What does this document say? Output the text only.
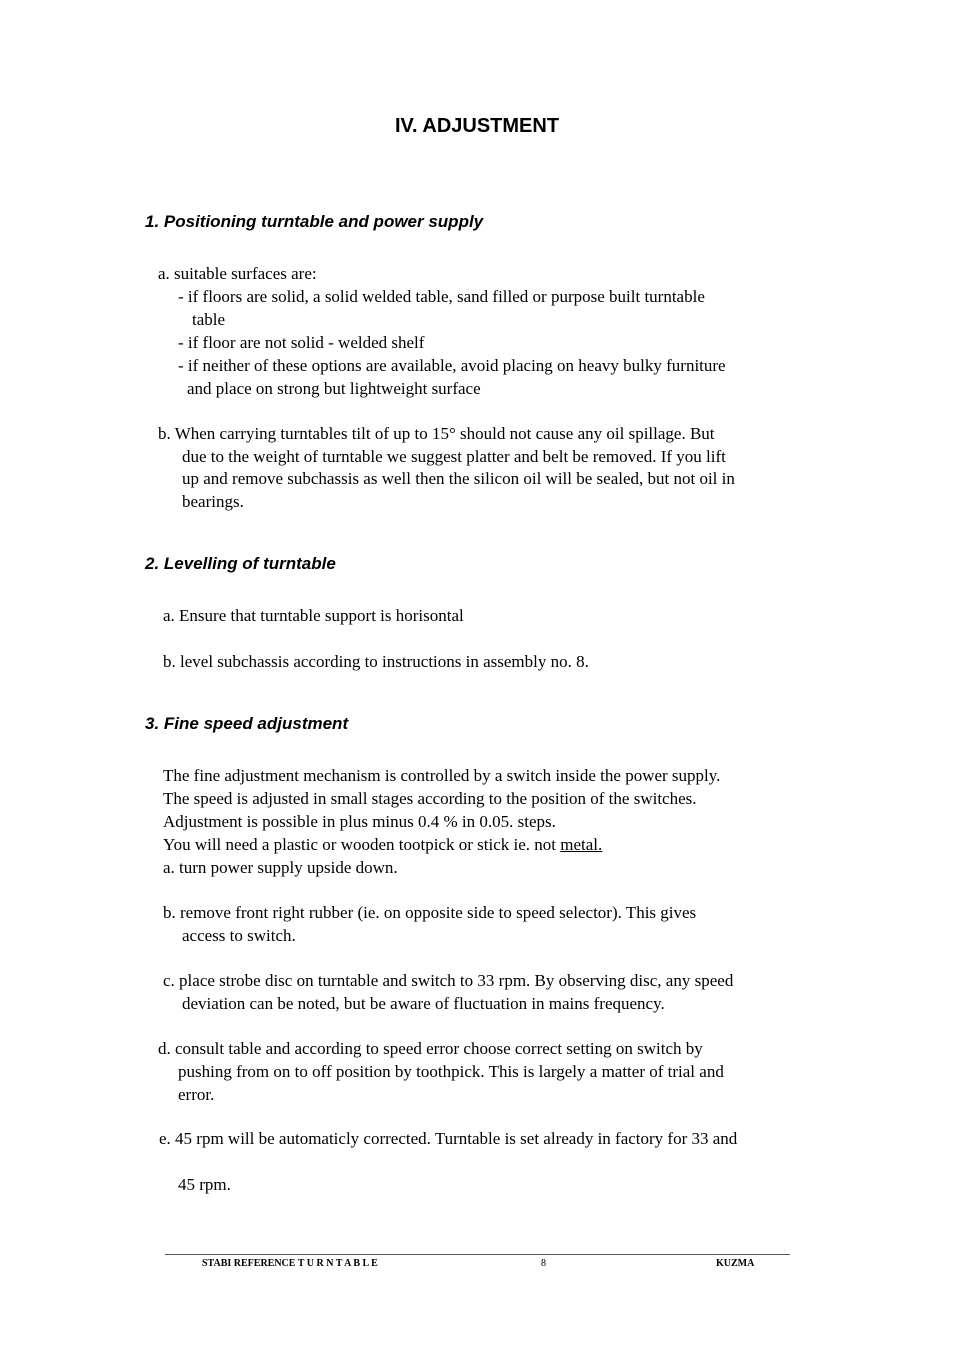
IV. ADJUSTMENT
1. Positioning turntable and power supply
a. suitable surfaces are:
- if floors are solid, a solid welded table, sand filled or purpose built turntable
table
- if floor are not solid - welded shelf
- if neither of these options are available, avoid placing on heavy bulky furniture
and place on strong but lightweight surface
b. When carrying turntables tilt of up to 15° should not cause any oil spillage. But
due to the weight of turntable we suggest platter and belt be removed. If you lift
up and remove subchassis as well then the silicon oil will be sealed, but not oil in
bearings.
2. Levelling of turntable
a. Ensure that turntable support is horisontal
b. level subchassis according to instructions in assembly no. 8.
3. Fine speed adjustment
The fine adjustment mechanism is controlled by a switch inside the power supply.
The speed is adjusted in small stages according to the position of the switches.
Adjustment is possible in plus minus 0.4 % in 0.05. steps.
You will need a plastic or wooden tootpick or stick ie. not metal.
a. turn power supply upside down.
b. remove front right rubber (ie. on opposite side to speed selector). This gives
access to switch.
c. place strobe disc on turntable and switch to 33 rpm. By observing disc, any speed
deviation can be noted, but be aware of fluctuation in mains frequency.
d. consult table and according to speed error choose correct setting on switch by
pushing from on to off position by toothpick. This is largely a matter of trial and
error.
e. 45 rpm will be automaticly corrected. Turntable is set already in factory for 33 and
45 rpm.
STABI REFERENCE T U R N T A B L E	8	KUZMA
